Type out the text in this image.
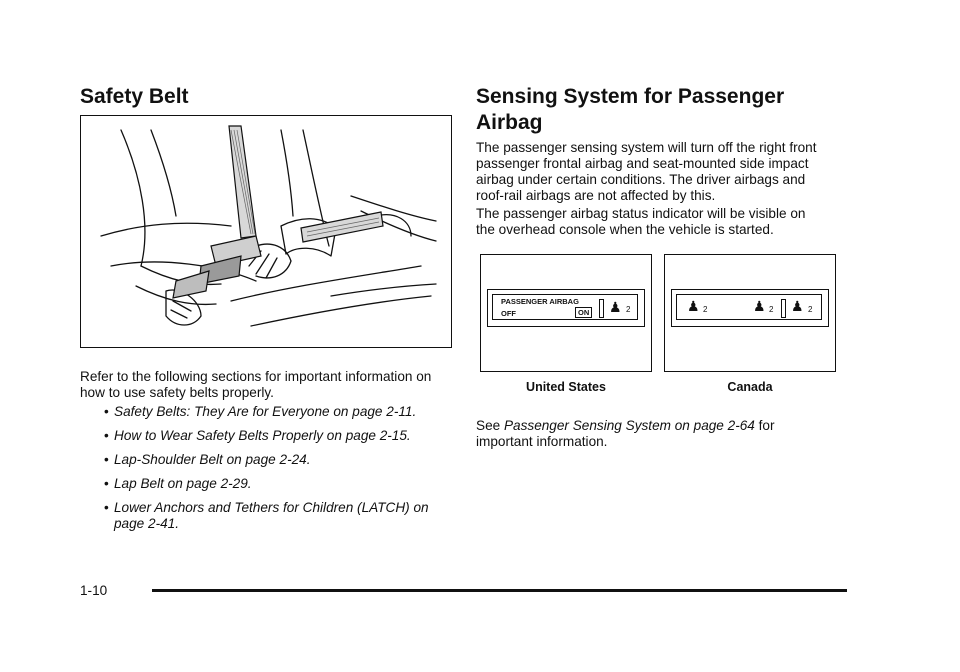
Safety Belt

Refer to the following sections for important information on how to use safety belts properly.

• Safety Belts: They Are for Everyone on page 2-11.
• How to Wear Safety Belts Properly on page 2-15.
• Lap-Shoulder Belt on page 2-24.
• Lap Belt on page 2-29.
• Lower Anchors and Tethers for Children (LATCH) on page 2-41.
Sensing System for Passenger Airbag

The passenger sensing system will turn off the right front passenger frontal airbag and seat-mounted side impact airbag under certain conditions. The driver airbags and roof-rail airbags are not affected by this.

The passenger airbag status indicator will be visible on the overhead console when the vehicle is started.

PASSENGER AIRBAG
OFF	ON ♟ 2	♟ 2	♟ 2 ♟ 2
United States	Canada

See Passenger Sensing System on page 2-64 for important information.

1-10
